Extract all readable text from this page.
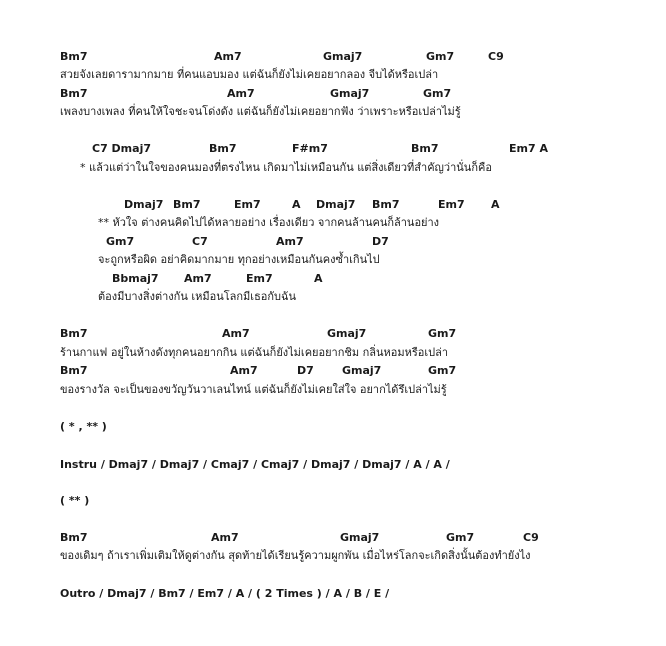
Bm7	Am7	Gmaj7	Gm7	C9
สวยจังเลยดารามากมาย ที่คนแอบมอง แต่ฉันก็ยังไม่เคยอยากลอง จีบได้หรือเปล่า
Bm7	Am7	Gmaj7	Gm7
เพลงบางเพลง ที่คนให้ใจชะจนโด่งดัง แต่ฉันก็ยังไม่เคยอยากฟัง ว่าเพราะหรือเปล่าไม่รู้
C7 Dmaj7	Bm7	F#m7	Bm7	Em7 A
* แล้วแต่ว่าในใจของคนมองที่ตรงไหน เกิดมาไม่เหมือนกัน แต่สิ่งเดียวที่สำคัญว่านั่นก็คือ
Dmaj7 Bm7	Em7	A Dmaj7 Bm7	Em7 A
** หัวใจ ต่างคนคิดไปได้หลายอย่าง เรื่องเดียว จากคนล้านคนก็ล้านอย่าง
Gm7	C7	Am7	D7
จะถูกหรือผิด อย่าคิดมากมาย ทุกอย่างเหมือนกันคงซ้ำเกินไป
Bbmaj7 Am7	Em7	A
ต้องมีบางสิ่งต่างกัน เหมือนโลกมีเธอกับฉัน
Bm7	Am7	Gmaj7	Gm7
ร้านกาแฟ อยู่ในห้างดังทุกคนอยากกิน แต่ฉันก็ยังไม่เคยอยากชิม กลิ่นหอมหรือเปล่า
Bm7	Am7	D7	Gmaj7	Gm7
ของรางวัล จะเป็นของขวัญวันวาเลนไทน์ แต่ฉันก็ยังไม่เคยใส่ใจ อยากได้รึเปล่าไม่รู้
( * , ** )
Instru / Dmaj7 / Dmaj7 / Cmaj7 / Cmaj7 / Dmaj7 / Dmaj7 / A / A /
( ** )
Bm7	Am7	Gmaj7	Gm7	C9
ของเดิมๆ ถ้าเราเพิ่มเติมให้ดูต่างกัน สุดท้ายได้เรียนรู้ความผูกพัน เมื่อไหร่โลกจะเกิดสิ่งนั้นต้องทำยังไง
Outro / Dmaj7 / Bm7 / Em7 / A / ( 2 Times ) / A / B / E /
